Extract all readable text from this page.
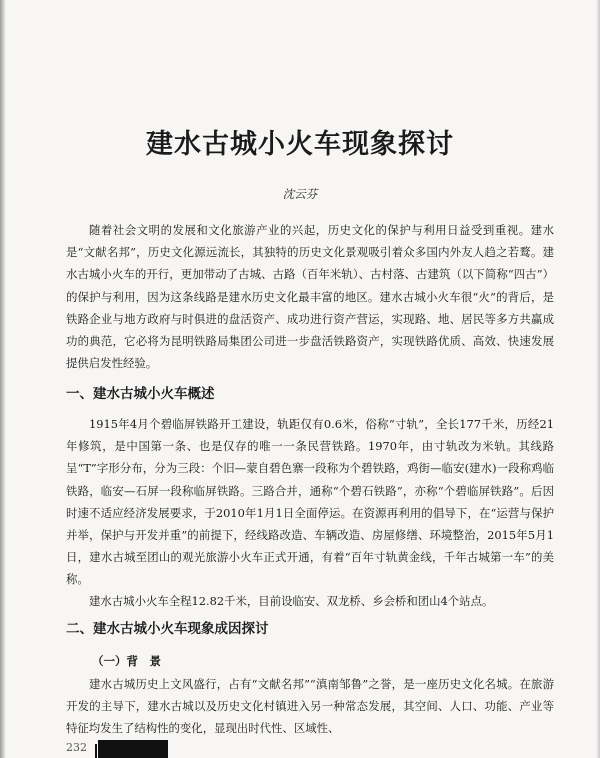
建水古城小火车现象探讨
沈云芬

随着社会文明的发展和文化旅游产业的兴起，历史文化的保护与利用日益受到重视。建水是“文献名邦”，历史文化源远流长，其独特的历史文化景观吸引着众多国内外友人趋之若鹜。建水古城小火车的开行，更加带动了古城、古路（百年米轨）、古村落、古建筑（以下简称“四古”）的保护与利用，因为这条线路是建水历史文化最丰富的地区。建水古城小火车很“火”的背后，是铁路企业与地方政府与时俱进的盘活资产、成功进行资产营运，实现路、地、居民等多方共赢成功的典范，它必将为昆明铁路局集团公司进一步盘活铁路资产，实现铁路优质、高效、快速发展提供启发性经验。

一、建水古城小火车概述

1915年4月个碧临屏铁路开工建设，轨距仅有0.6米，俗称“寸轨”，全长177千米，历经21年修筑，是中国第一条、也是仅存的唯一一条民营铁路。1970年，由寸轨改为米轨。其线路呈“T”字形分布，分为三段：个旧—蒙自碧色寨一段称为个碧铁路，鸡街—临安(建水)一段称鸡临铁路，临安—石屏一段称临屏铁路。三路合并，通称“个碧石铁路”，亦称“个碧临屏铁路”。后因时速不适应经济发展要求，于2010年1月1日全面停运。在资源再利用的倡导下，在“运营与保护并举，保护与开发并重”的前提下，经线路改造、车辆改造、房屋修缮、环境整治，2015年5月1日，建水古城至团山的观光旅游小火车正式开通，有着“百年寸轨黄金线，千年古城第一车”的美称。

建水古城小火车全程12.82千米，目前设临安、双龙桥、乡会桥和团山4个站点。

二、建水古城小火车现象成因探讨
（一）背　景

建水古城历史上文风盛行，占有“文献名邦”“滇南邹鲁”之誉，是一座历史文化名城。在旅游开发的主导下，建水古城以及历史文化村镇进入另一种常态发展，其空间、人口、功能、产业等特征均发生了结构性的变化，显现出时代性、区域性、

232
